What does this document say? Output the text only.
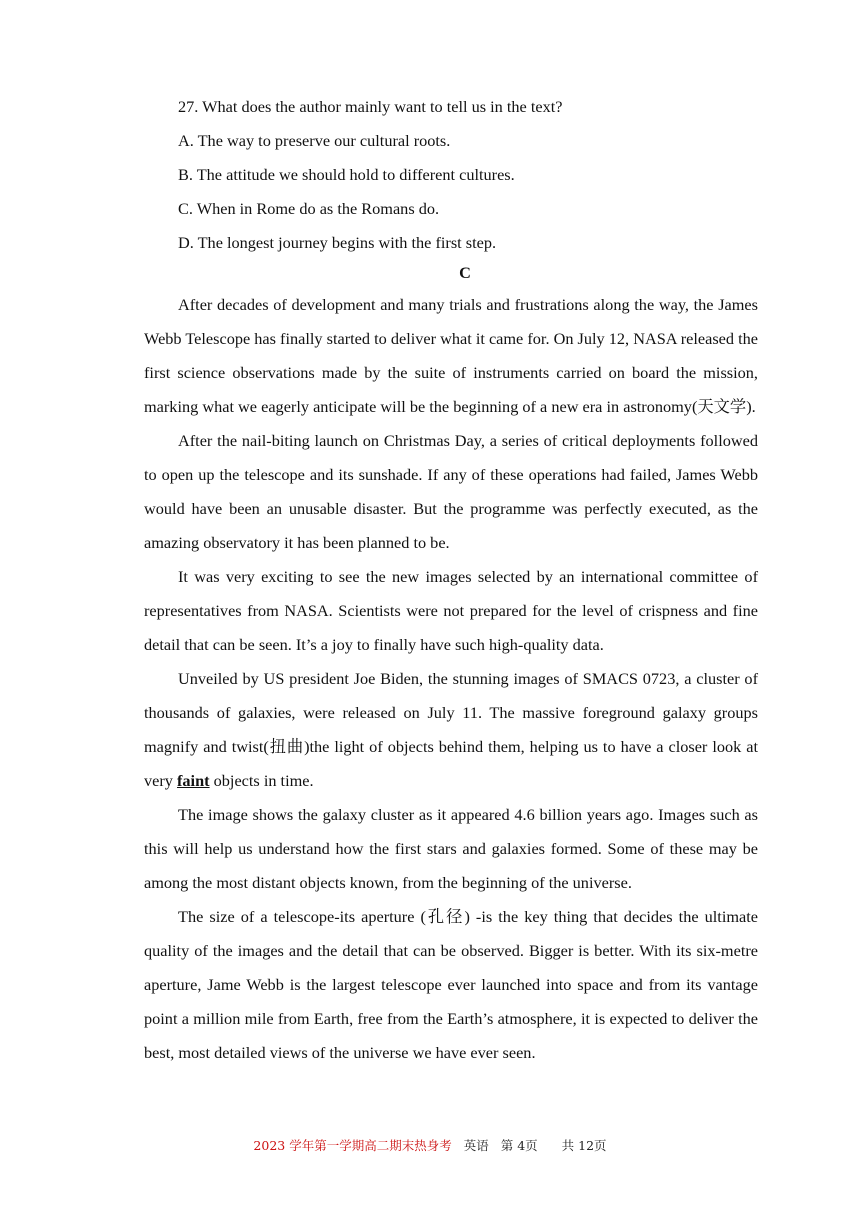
27. What does the author mainly want to tell us in the text?
A. The way to preserve our cultural roots.
B. The attitude we should hold to different cultures.
C. When in Rome do as the Romans do.
D. The longest journey begins with the first step.
C

After decades of development and many trials and frustrations along the way, the James Webb Telescope has finally started to deliver what it came for. On July 12, NASA released the first science observations made by the suite of instruments carried on board the mission, marking what we eagerly anticipate will be the beginning of a new era in astronomy(天文学).

After the nail-biting launch on Christmas Day, a series of critical deployments followed to open up the telescope and its sunshade. If any of these operations had failed, James Webb would have been an unusable disaster. But the programme was perfectly executed, as the amazing observatory it has been planned to be.

It was very exciting to see the new images selected by an international committee of representatives from NASA. Scientists were not prepared for the level of crispness and fine detail that can be seen. It’s a joy to finally have such high-quality data.

Unveiled by US president Joe Biden, the stunning images of SMACS 0723, a cluster of thousands of galaxies, were released on July 11. The massive foreground galaxy groups magnify and twist(扭曲)the light of objects behind them, helping us to have a closer look at very faint objects in time.

The image shows the galaxy cluster as it appeared 4.6 billion years ago. Images such as this will help us understand how the first stars and galaxies formed. Some of these may be among the most distant objects known, from the beginning of the universe.

The size of a telescope-its aperture (孔径) -is the key thing that decides the ultimate quality of the images and the detail that can be observed. Bigger is better. With its six-metre aperture, Jame Webb is the largest telescope ever launched into space and from its vantage point a million mile from Earth, free from the Earth’s atmosphere, it is expected to deliver the best, most detailed views of the universe we have ever seen.

2023 学年第一学期高二期末热身考 英语 第 4页 共 12页
